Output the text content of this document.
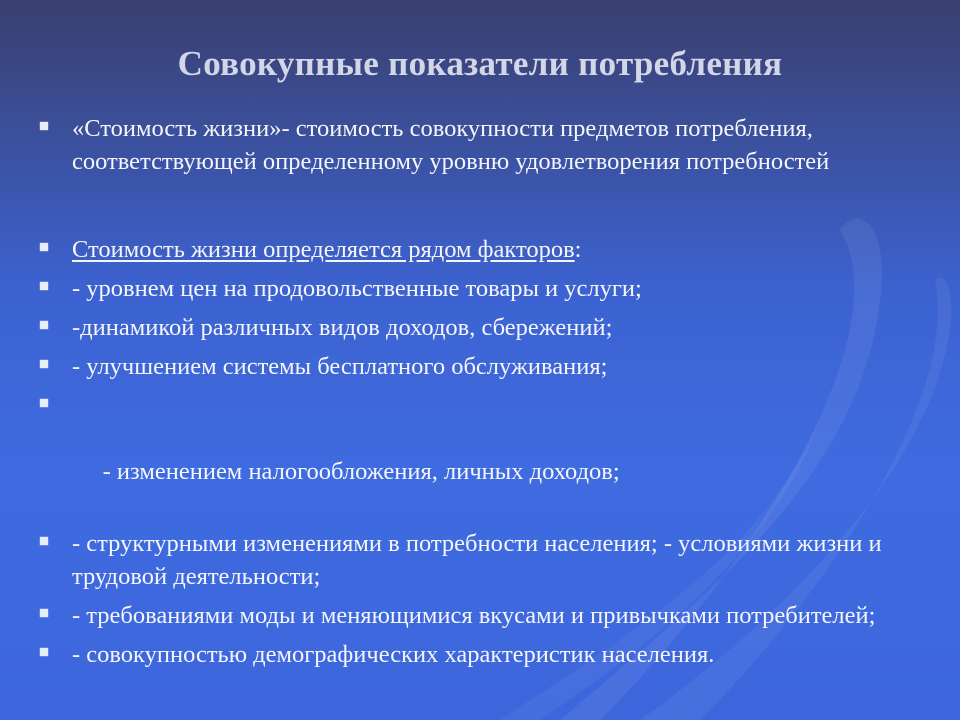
Совокупные показатели потребления
«Стоимость жизни»- стоимость совокупности предметов потребления, соответствующей определенному уровню удовлетворения потребностей
Стоимость жизни определяется рядом факторов:
- уровнем цен на продовольственные товары и услуги;
-динамикой различных видов доходов, сбережений;
- улучшением системы бесплатного обслуживания;

- изменением налогообложения, личных доходов;

- структурными изменениями в потребности населения; - условиями жизни и трудовой деятельности;
- требованиями моды и меняющимися вкусами и привычками потребителей;
- совокупностью демографических характеристик населения.
